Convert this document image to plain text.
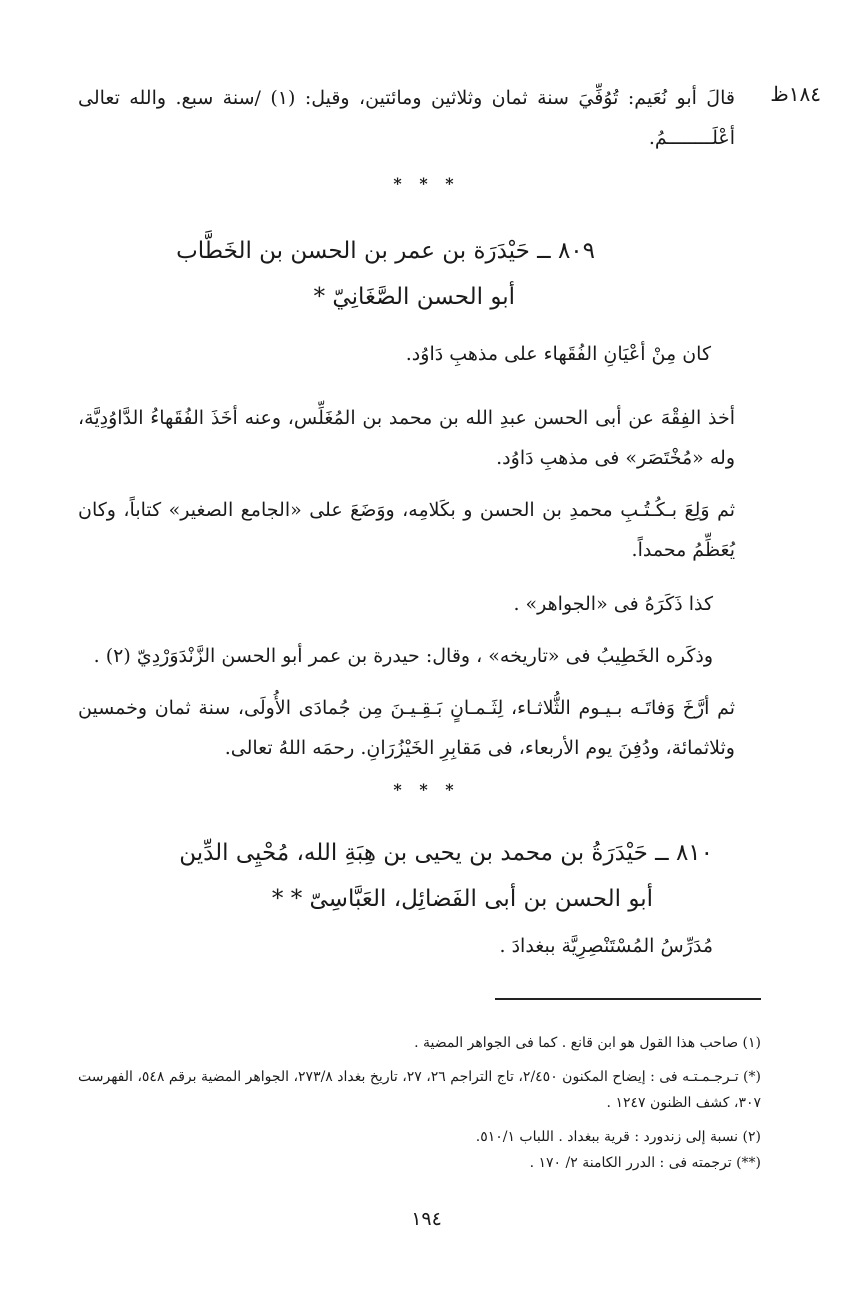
١٨٤ظ
قالَ أبو نُعَيم: تُوُفِّيَ سنة ثمان وثلاثين ومائتين، وقيل: (١) /سنة سبع. والله تعالى أعْلَــــــــمُ.
* * *
٨٠٩ ــ حَيْدَرَة بن عمر بن الحسن بن الخَطَّاب
أبو الحسن الصَّغَانِيّ *
كان مِنْ أعْيَانِ الفُقَهاء على مذهبِ دَاوُد.
أخذ الفِقْهَ عن أبى الحسن عبدِ الله بن محمد بن المُغَلِّس، وعنه أخَذَ الفُقَهاءُ الدَّاوُدِيَّة، وله «مُخْتَصَر» فى مذهبِ دَاوُد.
ثم وَلِعَ بـكُـتُـبِ محمدِ بن الحسن و بكَلامِه، ووَضَعَ على «الجامع الصغير» كتاباً، وكان يُعَظِّمُ محمداً.
كذا ذَكَرَهُ فى «الجواهر» .
وذكَره الخَطِيبُ فى «تاريخه» ، وقال: حيدرة بن عمر أبو الحسن الزَّنْدَوَرْدِيّ (٢) .
ثم أرَّخَ وَفاتَـه بـيـوم الثُّلاثـاء، لِثَـمـانٍ بَـقِـيـنَ مِن جُمادَى الأُولَى، سنة ثمان وخمسين وثلاثمائة، ودُفِنَ يوم الأربعاء، فى مَقابِرِ الخَيْزُرَانِ. رحمَه اللهُ تعالى.
* * *
٨١٠ ــ حَيْدَرَةُ بن محمد بن يحيى بن هِبَةِ الله، مُحْيِى الدِّين
أبو الحسن بن أبى الفَضائِل، العَبَّاسِىّ * *
مُدَرِّسُ المُسْتَنْصِرِيَّة ببغدادَ .
(١) صاحب هذا القول هو ابن قانع . كما فى الجواهر المضية .
(*) تـرجـمـتـه فى : إيضاح المكنون ٢/٤٥٠، تاج التراجم ٢٦، ٢٧، تاريخ بغداد ٢٧٣/٨، الجواهر المضية برقم ٥٤٨، الفهرست ٣٠٧، كشف الظنون ١٢٤٧ .
(٢) نسبة إلى زندورد : قرية ببغداد . اللباب ٥١٠/١.
(**) ترجمته فى : الدرر الكامنة ٢/ ١٧٠ .
١٩٤
